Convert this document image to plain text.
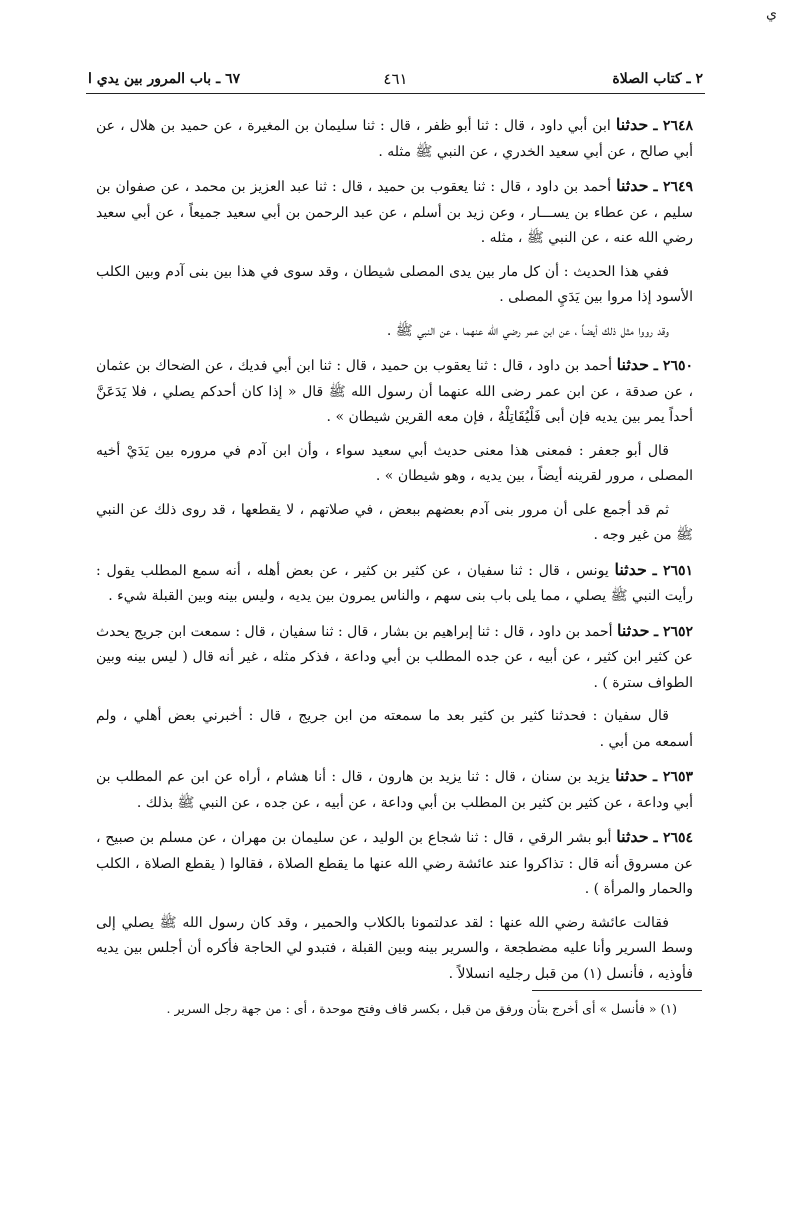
ي
٢ ـ كتاب الصلاة
٤٦١
٦٧ ـ باب المرور بين يدي ا

٢٦٤٨ ـ حدثنا ابن أبي داود ، قال : ثنا أبو ظفر ، قال : ثنا سليمان بن المغيرة ، عن حميد بن هلال ، عن أبي صالح ، عن أبي سعيد الخدري ، عن النبي ﷺ مثله .

٢٦٤٩ ـ حدثنا أحمد بن داود ، قال : ثنا يعقوب بن حميد ، قال : ثنا عبد العزيز بن محمد ، عن صفوان بن سليم ، عن عطاء بن يســـار ، وعن زيد بن أسلم ، عن عبد الرحمن بن أبي سعيد جميعاً ، عن أبي سعيد رضي الله عنه ، عن النبي ﷺ ، مثله .

ففي هذا الحديث : أن كل مار بين يدى المصلى شيطان ، وقد سوى في هذا بين بنى آدم وبين الكلب الأسود إذا مروا بين يَدَيِ المصلى .

وقد رووا مثل ذلك أيضاً ، عن ابن عمر رضي الله عنهما ، عن النبي ﷺ .

٢٦٥٠ ـ حدثنا أحمد بن داود ، قال : ثنا يعقوب بن حميد ، قال : ثنا ابن أبي فديك ، عن الضحاك بن عثمان ، عن صدقة ، عن ابن عمر رضى الله عنهما أن رسول الله ﷺ قال « إذا كان أحدكم يصلي ، فلا يَدَعَنَّ أحداً يمر بين يديه فإن أبى فَلْيُقَاتِلْهُ ، فإن معه القرين شيطان » .

قال أبو جعفر : فمعنى هذا معنى حديث أبي سعيد سواء ، وأن ابن آدم في مروره بين يَدَيْ أخيه المصلى ، مرور لقرينه أيضاً ، بين يديه ، وهو شيطان » .

ثم قد أجمع على أن مرور بنى آدم بعضهم ببعض ، في صلاتهم ، لا يقطعها ، قد روى ذلك عن النبي ﷺ من غير وجه .

٢٦٥١ ـ حدثنا يونس ، قال : ثنا سفيان ، عن كثير بن كثير ، عن بعض أهله ، أنه سمع المطلب يقول : رأيت النبي ﷺ يصلي ، مما يلى باب بنى سهم ، والناس يمرون بين يديه ، وليس بينه وبين القبلة شيء .

٢٦٥٢ ـ حدثنا أحمد بن داود ، قال : ثنا إبراهيم بن بشار ، قال : ثنا سفيان ، قال : سمعت ابن جريج يحدث عن كثير ابن كثير ، عن أبيه ، عن جده المطلب بن أبي وداعة ، فذكر مثله ، غير أنه قال ( ليس بينه وبين الطواف سترة ) .

قال سفيان : فحدثنا كثير بن كثير بعد ما سمعته من ابن جريج ، قال : أخبرني بعض أهلي ، ولم أسمعه من أبي .

٢٦٥٣ ـ حدثنا يزيد بن سنان ، قال : ثنا يزيد بن هارون ، قال : أنا هشام ، أراه عن ابن عم المطلب بن أبي وداعة ، عن كثير بن كثير بن المطلب بن أبي وداعة ، عن أبيه ، عن جده ، عن النبي ﷺ بذلك .

٢٦٥٤ ـ حدثنا أبو بشر الرقي ، قال : ثنا شجاع بن الوليد ، عن سليمان بن مهران ، عن مسلم بن صبيح ، عن مسروق أنه قال : تذاكروا عند عائشة رضي الله عنها ما يقطع الصلاة ، فقالوا ( يقطع الصلاة ، الكلب والحمار والمرأة ) .

فقالت عائشة رضي الله عنها : لقد عدلتمونا بالكلاب والحمير ، وقد كان رسول الله ﷺ يصلي إلى وسط السرير وأنا عليه مضطجعة ، والسرير بينه وبين القبلة ، فتبدو لي الحاجة فأكره أن أجلس بين يديه فأوذيه ، فأنسل (١) من قبل رجليه انسلالاً .

(١) « فأنسل » أى أخرج بتأن ورفق من قبل ، بكسر قاف وفتح موحدة ، أى : من جهة رجل السرير .
